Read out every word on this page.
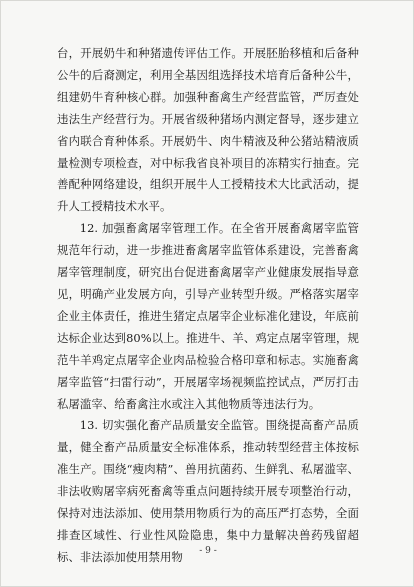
台，开展奶牛和种猪遗传评估工作。开展胚胎移植和后备种公牛的后裔测定，利用全基因组选择技术培育后备种公牛，组建奶牛育种核心群。加强种畜禽生产经营监管，严厉查处违法生产经营行为。开展省级种猪场内测定督导，逐步建立省内联合育种体系。开展奶牛、肉牛精液及种公猪站精液质量检测专项检查，对中标我省良补项目的冻精实行抽查。完善配种网络建设，组织开展牛人工授精技术大比武活动，提升人工授精技术水平。

12. 加强畜禽屠宰管理工作。在全省开展畜禽屠宰监管规范年行动，进一步推进畜禽屠宰监管体系建设，完善畜禽屠宰管理制度，研究出台促进畜禽屠宰产业健康发展指导意见，明确产业发展方向，引导产业转型升级。严格落实屠宰企业主体责任，推进生猪定点屠宰企业标准化建设，年底前达标企业达到80%以上。推进牛、羊、鸡定点屠宰管理，规范牛羊鸡定点屠宰企业肉品检验合格印章和标志。实施畜禽屠宰监管“扫雷行动”，开展屠宰场视频监控试点，严厉打击私屠滥宰、给畜禽注水或注入其他物质等违法行为。

13. 切实强化畜产品质量安全监管。围绕提高畜产品质量，健全畜产品质量安全标准体系，推动转型经营主体按标准生产。围绕“瘦肉精”、兽用抗菌药、生鲜乳、私屠滥宰、非法收购屠宰病死畜禽等重点问题持续开展专项整治行动，保持对违法添加、使用禁用物质行为的高压严打态势，全面排查区域性、行业性风险隐患，集中力量解决兽药残留超标、非法添加使用禁用物	- 9 -
